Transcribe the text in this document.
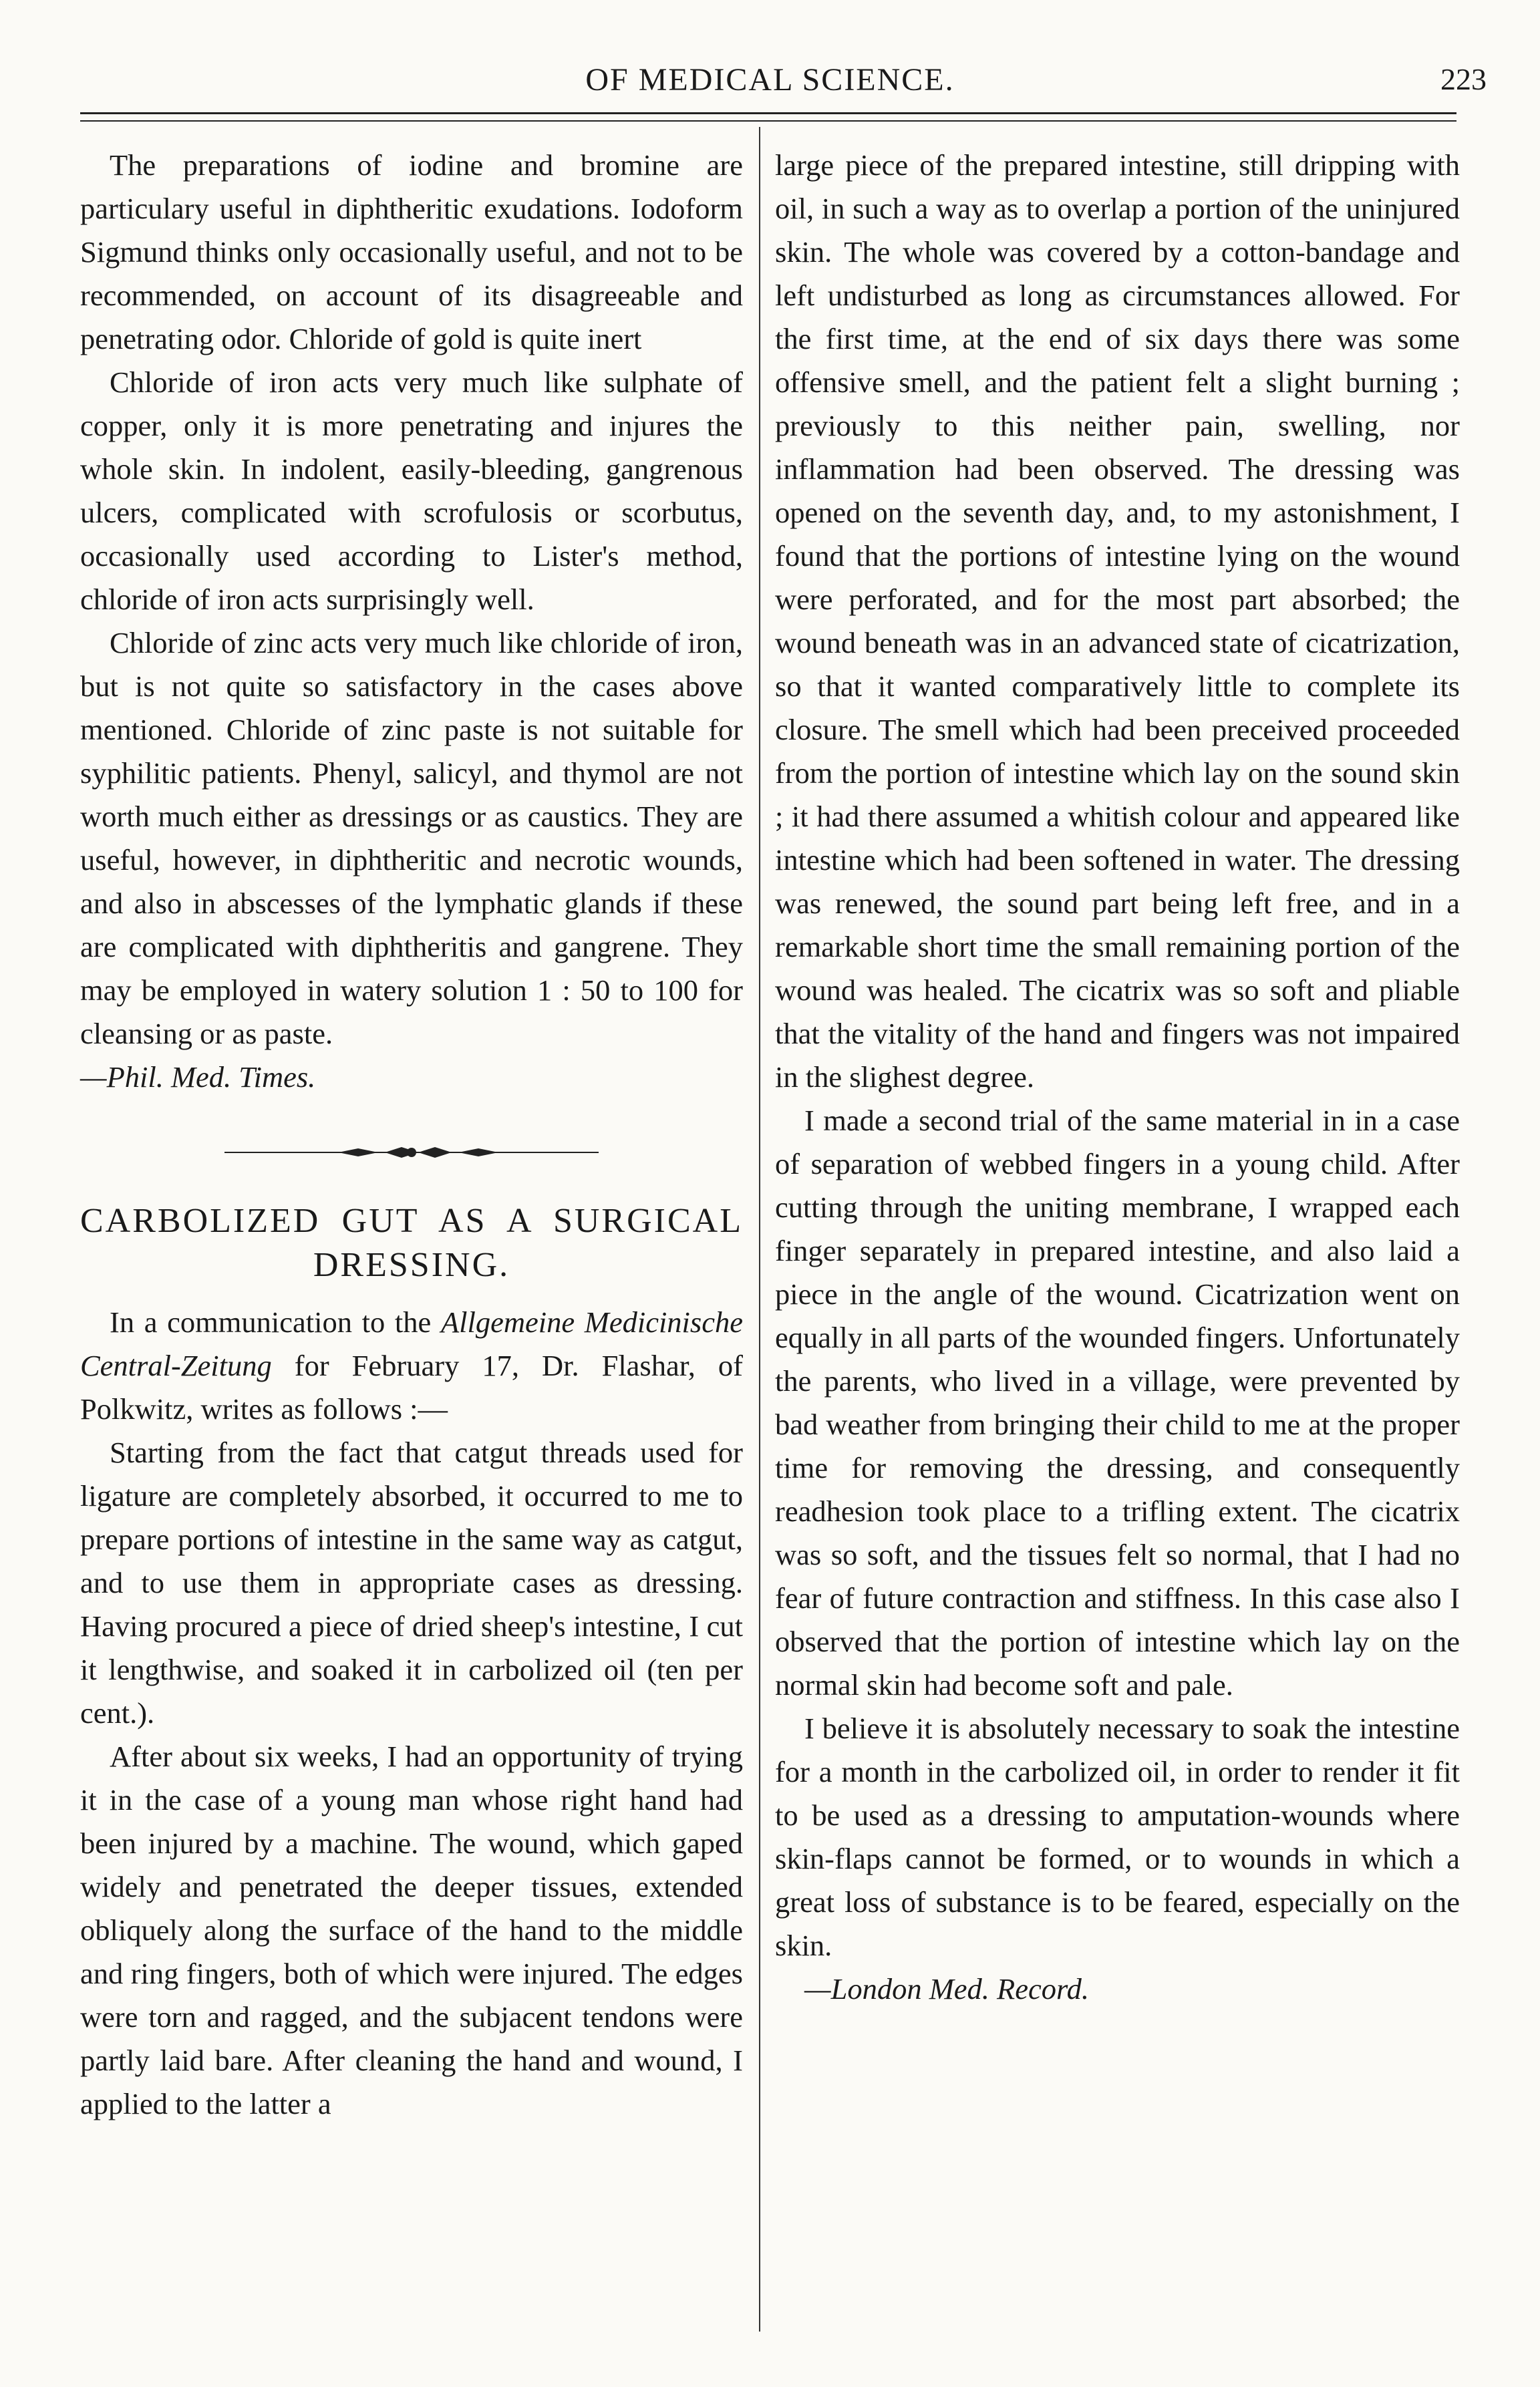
OF MEDICAL SCIENCE.	223

The preparations of iodine and bromine are particulary useful in diphtheritic exudations. Iodoform Sigmund thinks only occasionally useful, and not to be recommended, on account of its disagreeable and penetrating odor. Chloride of gold is quite inert

Chloride of iron acts very much like sulphate of copper, only it is more penetrating and injures the whole skin. In indolent, easily-bleeding, gangrenous ulcers, complicated with scrofulosis or scorbutus, occasionally used according to Lister's method, chloride of iron acts surprisingly well.

Chloride of zinc acts very much like chloride of iron, but is not quite so satisfactory in the cases above mentioned. Chloride of zinc paste is not suitable for syphilitic patients. Phenyl, salicyl, and thymol are not worth much either as dressings or as caustics. They are useful, however, in diphtheritic and necrotic wounds, and also in abscesses of the lymphatic glands if these are complicated with diphtheritis and gangrene. They may be employed in watery solution 1 : 50 to 100 for cleansing or as paste.

—Phil. Med. Times.

CARBOLIZED GUT AS A SURGICAL
DRESSING.

In a communication to the Allgemeine Medicinische Central-Zeitung for February 17, Dr. Flashar, of Polkwitz, writes as follows :—

Starting from the fact that catgut threads used for ligature are completely absorbed, it occurred to me to prepare portions of intestine in the same way as catgut, and to use them in appropriate cases as dressing. Having procured a piece of dried sheep's intestine, I cut it lengthwise, and soaked it in carbolized oil (ten per cent.).

After about six weeks, I had an opportunity of trying it in the case of a young man whose right hand had been injured by a machine. The wound, which gaped widely and penetrated the deeper tissues, extended obliquely along the surface of the hand to the middle and ring fingers, both of which were injured. The edges were torn and ragged, and the subjacent tendons were partly laid bare. After cleaning the hand and wound, I applied to the latter a

large piece of the prepared intestine, still dripping with oil, in such a way as to overlap a portion of the uninjured skin. The whole was covered by a cotton-bandage and left undisturbed as long as circumstances allowed. For the first time, at the end of six days there was some offensive smell, and the patient felt a slight burning ; previously to this neither pain, swelling, nor inflammation had been observed. The dressing was opened on the seventh day, and, to my astonishment, I found that the portions of intestine lying on the wound were perforated, and for the most part absorbed; the wound beneath was in an advanced state of cicatrization, so that it wanted comparatively little to complete its closure. The smell which had been preceived proceeded from the portion of intestine which lay on the sound skin ; it had there assumed a whitish colour and appeared like intestine which had been softened in water. The dressing was renewed, the sound part being left free, and in a remarkable short time the small remaining portion of the wound was healed. The cicatrix was so soft and pliable that the vitality of the hand and fingers was not impaired in the slighest degree.

I made a second trial of the same material in in a case of separation of webbed fingers in a young child. After cutting through the uniting membrane, I wrapped each finger separately in prepared intestine, and also laid a piece in the angle of the wound. Cicatrization went on equally in all parts of the wounded fingers. Unfortunately the parents, who lived in a village, were prevented by bad weather from bringing their child to me at the proper time for removing the dressing, and consequently readhesion took place to a trifling extent. The cicatrix was so soft, and the tissues felt so normal, that I had no fear of future contraction and stiffness. In this case also I observed that the portion of intestine which lay on the normal skin had become soft and pale.

I believe it is absolutely necessary to soak the intestine for a month in the carbolized oil, in order to render it fit to be used as a dressing to amputation-wounds where skin-flaps cannot be formed, or to wounds in which a great loss of substance is to be feared, especially on the skin.

—London Med. Record.
